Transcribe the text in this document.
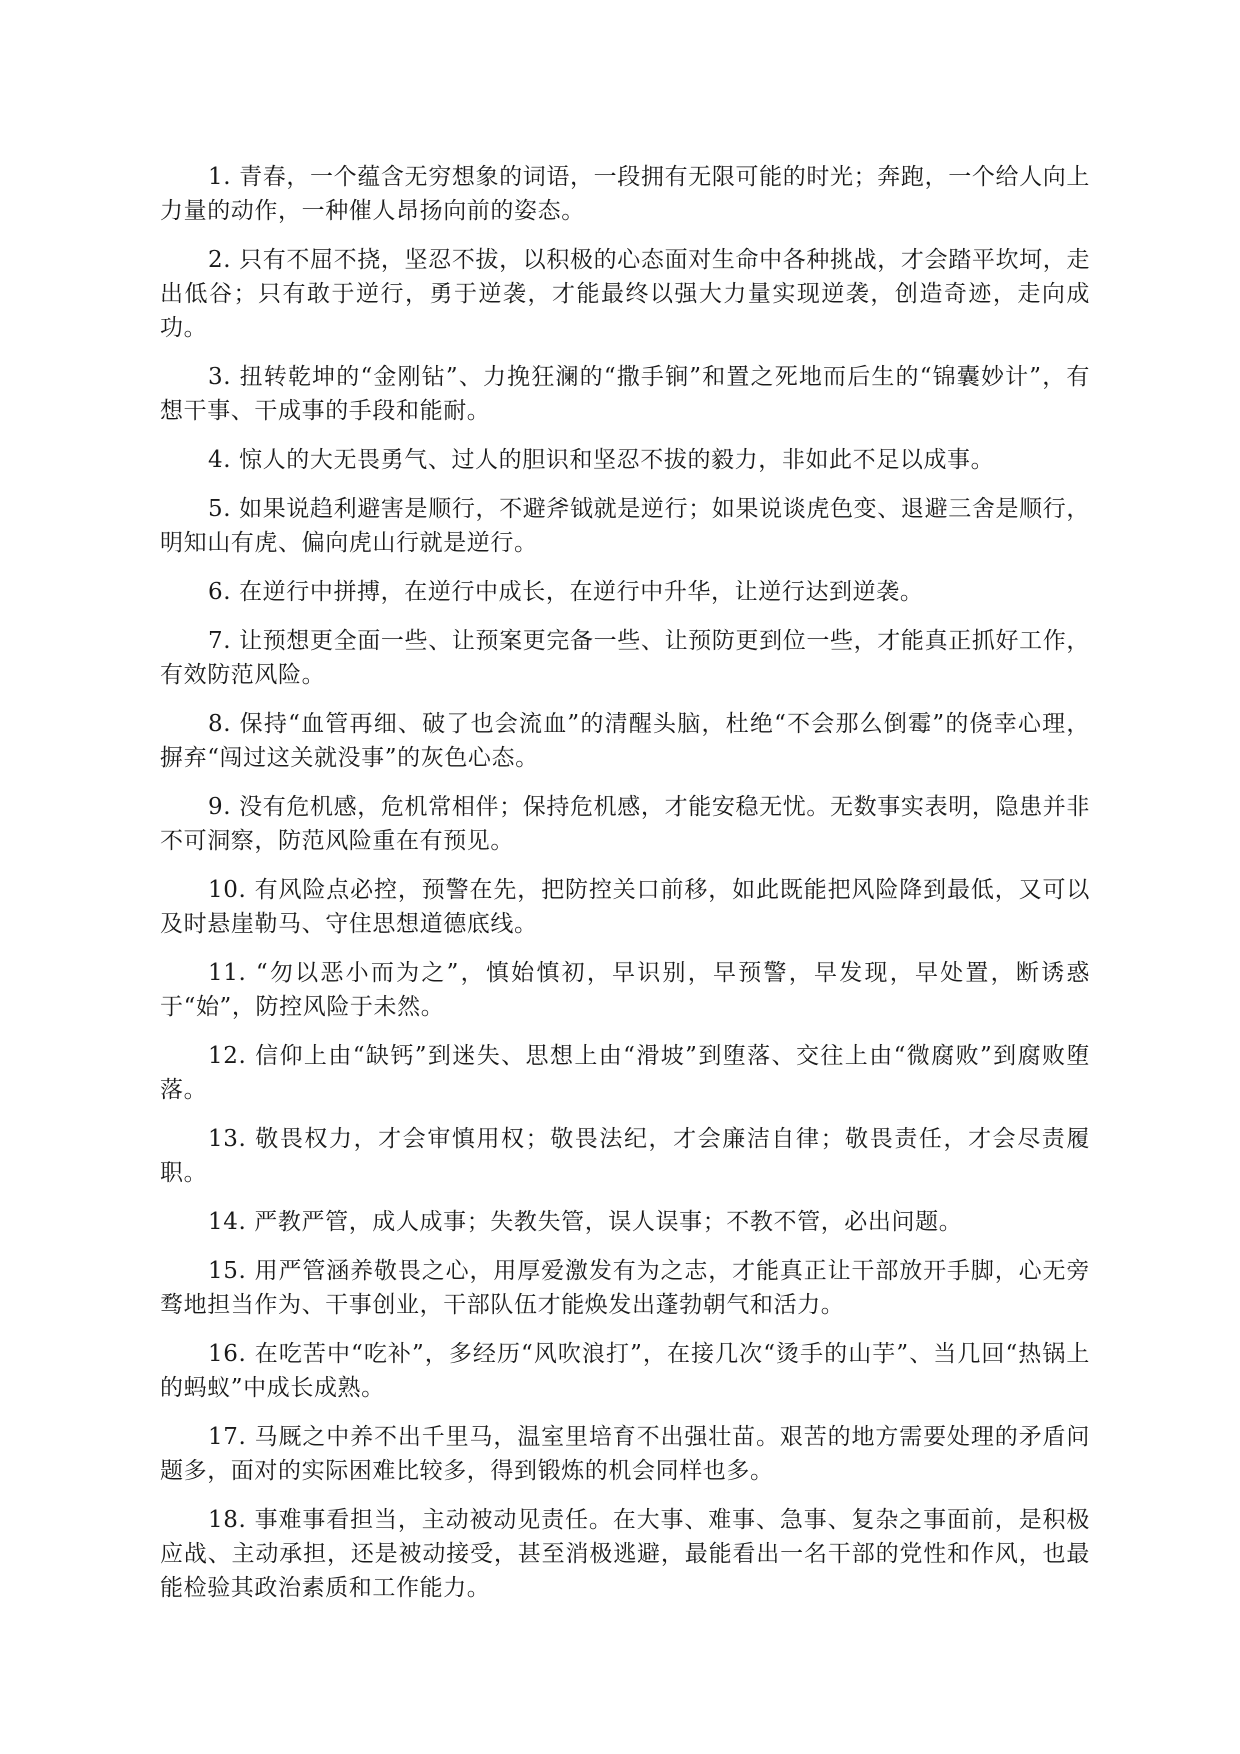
1. 青春，一个蕴含无穷想象的词语，一段拥有无限可能的时光；奔跑，一个给人向上力量的动作，一种催人昂扬向前的姿态。

2. 只有不屈不挠，坚忍不拔，以积极的心态面对生命中各种挑战，才会踏平坎坷，走出低谷；只有敢于逆行，勇于逆袭，才能最终以强大力量实现逆袭，创造奇迹，走向成功。

3. 扭转乾坤的“金刚钻”、力挽狂澜的“撒手锏”和置之死地而后生的“锦囊妙计”，有想干事、干成事的手段和能耐。

4. 惊人的大无畏勇气、过人的胆识和坚忍不拔的毅力，非如此不足以成事。

5. 如果说趋利避害是顺行，不避斧钺就是逆行；如果说谈虎色变、退避三舍是顺行，明知山有虎、偏向虎山行就是逆行。

6. 在逆行中拼搏，在逆行中成长，在逆行中升华，让逆行达到逆袭。

7. 让预想更全面一些、让预案更完备一些、让预防更到位一些，才能真正抓好工作，有效防范风险。

8. 保持“血管再细、破了也会流血”的清醒头脑，杜绝“不会那么倒霉”的侥幸心理，摒弃“闯过这关就没事”的灰色心态。

9. 没有危机感，危机常相伴；保持危机感，才能安稳无忧。无数事实表明，隐患并非不可洞察，防范风险重在有预见。

10. 有风险点必控，预警在先，把防控关口前移，如此既能把风险降到最低，又可以及时悬崖勒马、守住思想道德底线。

11. “勿以恶小而为之”，慎始慎初，早识别，早预警，早发现，早处置，断诱惑于“始”，防控风险于未然。

12. 信仰上由“缺钙”到迷失、思想上由“滑坡”到堕落、交往上由“微腐败”到腐败堕落。

13. 敬畏权力，才会审慎用权；敬畏法纪，才会廉洁自律；敬畏责任，才会尽责履职。

14. 严教严管，成人成事；失教失管，误人误事；不教不管，必出问题。

15. 用严管涵养敬畏之心，用厚爱激发有为之志，才能真正让干部放开手脚，心无旁骛地担当作为、干事创业，干部队伍才能焕发出蓬勃朝气和活力。

16. 在吃苦中“吃补”，多经历“风吹浪打”，在接几次“烫手的山芋”、当几回“热锅上的蚂蚁”中成长成熟。

17. 马厩之中养不出千里马，温室里培育不出强壮苗。艰苦的地方需要处理的矛盾问题多，面对的实际困难比较多，得到锻炼的机会同样也多。

18. 事难事看担当，主动被动见责任。在大事、难事、急事、复杂之事面前，是积极应战、主动承担，还是被动接受，甚至消极逃避，最能看出一名干部的党性和作风，也最能检验其政治素质和工作能力。
